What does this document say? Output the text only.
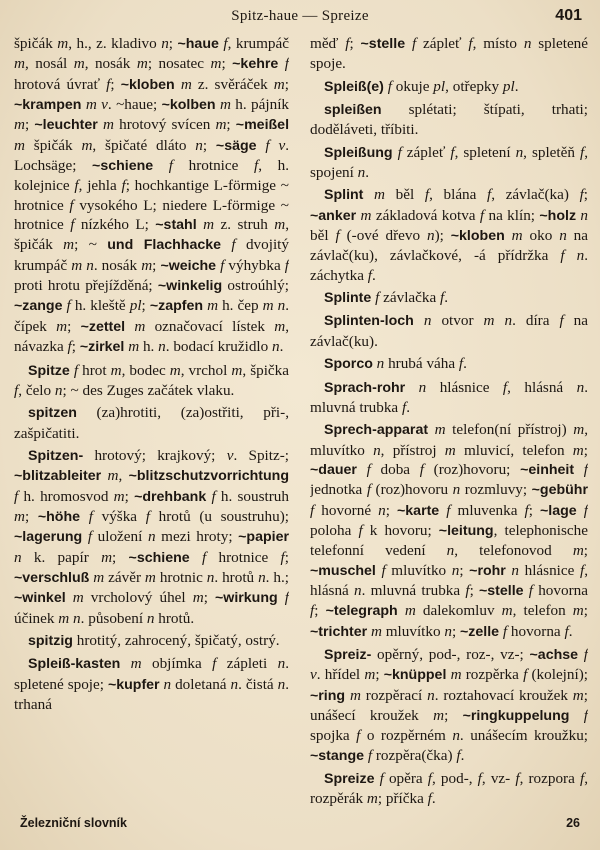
Spitz-haue — Spreize	401

špičák m, h., z. kladivo n; ~haue f, krumpáč m, nosál m, nosák m; nosatec m; ~kehre f hrotová úvrať f; ~kloben m z. svěráček m; ~krampen m v. ~haue; ~kolben m h. pájník m; ~leuchter m hrotový svícen m; ~meißel m špičák m, špičaté dláto n; ~säge f v. Lochsäge; ~schiene f hrotnice f, h. kolejnice f, jehla f; hochkantige L-förmige ~ hrotnice f vysokého L; niedere L-förmige ~ hrotnice f nízkého L; ~stahl m z. struh m, špičák m; ~ und Flachhacke f dvojitý krumpáč m n. nosák m; ~weiche f výhybka f proti hrotu přejížděná; ~winkelig ostroúhlý; ~zange f h. kleště pl; ~zapfen m h. čep m n. čípek m; ~zettel m označovací lístek m, návazka f; ~zirkel m h. n. bodací kružidlo n.

Spitze f hrot m, bodec m, vrchol m, špička f, čelo n; ~ des Zuges začátek vlaku.

spitzen (za)hrotiti, (za)ostřiti, při-, zašpičatiti.

Spitzen- hrotový; krajkový; v. Spitz-; ~blitzableiter m, ~blitzschutzvorrichtung f h. hromosvod m; ~drehbank f h. soustruh m; ~höhe f výška f hrotů (u soustruhu); ~lagerung f uložení n mezi hroty; ~papier n k. papír m; ~schiene f hrotnice f; ~verschluß m závěr m hrotnic n. hrotů n. h.; ~winkel m vrcholový úhel m; ~wirkung f účinek m n. působení n hrotů.

spitzig hrotitý, zahrocený, špičatý, ostrý.

Spleiß-kasten m objímka f zápleti n. spletené spoje; ~kupfer n doletaná n. čistá n. trhaná

měď f; ~stelle f zápleť f, místo n spletené spoje.

Spleiß(e) f okuje pl, otřepky pl.

spleißen splétati; štípati, trhati; doděláveti, tříbiti.

Spleißung f zápleť f, spletení n, spletěň f, spojení n.

Splint m běl f, blána f, závlač(ka) f; ~anker m základová kotva f na klín; ~holz n běl f (-ové dřevo n); ~kloben m oko n na závlač(ku), závlačkové, -á přídržka f n. záchytka f.

Splinte f závlačka f.

Splinten-loch n otvor m n. díra f na závlač(ku).

Sporco n hrubá váha f.

Sprach-rohr n hlásnice f, hlásná n. mluvná trubka f.

Sprech-apparat m telefon(ní přístroj) m, mluvítko n, přístroj m mluvicí, telefon m; ~dauer f doba f (roz)hovoru; ~einheit f jednotka f (roz)hovoru n rozmluvy; ~gebühr f hovorné n; ~karte f mluvenka f; ~lage f poloha f k hovoru; ~leitung, telephonische telefonní vedení n, telefonovod m; ~muschel f mluvítko n; ~rohr n hlásnice f, hlásná n. mluvná trubka f; ~stelle f hovorna f; ~telegraph m dalekomluv m, telefon m; ~trichter m mluvítko n; ~zelle f hovorna f.

Spreiz- opěrný, pod-, roz-, vz-; ~achse f v. hřídel m; ~knüppel m rozpěrka f (kolejní); ~ring m rozpěrací n. roztahovací kroužek m; unášecí kroužek m; ~ringkuppelung f spojka f o rozpěrném n. unášecím kroužku; ~stange f rozpěra(čka) f.

Spreize f opěra f, pod-, f, vz- f, rozpora f, rozpěrák m; příčka f.

Železniční slovník	26
